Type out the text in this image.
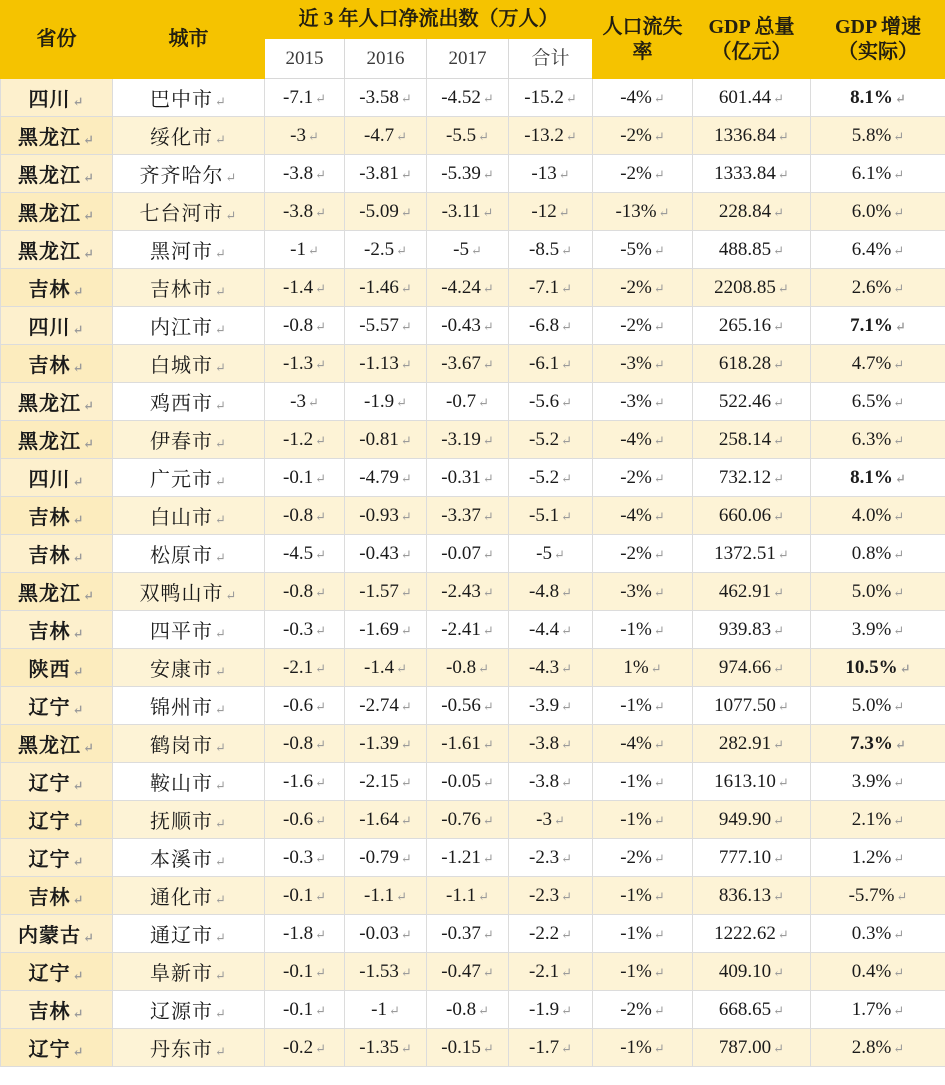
省份	城市	近 3 年人口净流出数（万人）				人口流失率	GDP 总量（亿元）	GDP 增速（实际）
		2015	2016	2017	合计			
四川 ↵	巴中市 ↵	-7.1 ↵	-3.58 ↵	-4.52 ↵	-15.2 ↵	-4% ↵	601.44 ↵	8.1% ↵
黑龙江 ↵	绥化市 ↵	-3 ↵	-4.7 ↵	-5.5 ↵	-13.2 ↵	-2% ↵	1336.84 ↵	5.8% ↵
黑龙江 ↵	齐齐哈尔 ↵	-3.8 ↵	-3.81 ↵	-5.39 ↵	-13 ↵	-2% ↵	1333.84 ↵	6.1% ↵
黑龙江 ↵	七台河市 ↵	-3.8 ↵	-5.09 ↵	-3.11 ↵	-12 ↵	-13% ↵	228.84 ↵	6.0% ↵
黑龙江 ↵	黑河市 ↵	-1 ↵	-2.5 ↵	-5 ↵	-8.5 ↵	-5% ↵	488.85 ↵	6.4% ↵
吉林 ↵	吉林市 ↵	-1.4 ↵	-1.46 ↵	-4.24 ↵	-7.1 ↵	-2% ↵	2208.85 ↵	2.6% ↵
四川 ↵	内江市 ↵	-0.8 ↵	-5.57 ↵	-0.43 ↵	-6.8 ↵	-2% ↵	265.16 ↵	7.1% ↵
吉林 ↵	白城市 ↵	-1.3 ↵	-1.13 ↵	-3.67 ↵	-6.1 ↵	-3% ↵	618.28 ↵	4.7% ↵
黑龙江 ↵	鸡西市 ↵	-3 ↵	-1.9 ↵	-0.7 ↵	-5.6 ↵	-3% ↵	522.46 ↵	6.5% ↵
黑龙江 ↵	伊春市 ↵	-1.2 ↵	-0.81 ↵	-3.19 ↵	-5.2 ↵	-4% ↵	258.14 ↵	6.3% ↵
四川 ↵	广元市 ↵	-0.1 ↵	-4.79 ↵	-0.31 ↵	-5.2 ↵	-2% ↵	732.12 ↵	8.1% ↵
吉林 ↵	白山市 ↵	-0.8 ↵	-0.93 ↵	-3.37 ↵	-5.1 ↵	-4% ↵	660.06 ↵	4.0% ↵
吉林 ↵	松原市 ↵	-4.5 ↵	-0.43 ↵	-0.07 ↵	-5 ↵	-2% ↵	1372.51 ↵	0.8% ↵
黑龙江 ↵	双鸭山市 ↵	-0.8 ↵	-1.57 ↵	-2.43 ↵	-4.8 ↵	-3% ↵	462.91 ↵	5.0% ↵
吉林 ↵	四平市 ↵	-0.3 ↵	-1.69 ↵	-2.41 ↵	-4.4 ↵	-1% ↵	939.83 ↵	3.9% ↵
陕西 ↵	安康市 ↵	-2.1 ↵	-1.4 ↵	-0.8 ↵	-4.3 ↵	1% ↵	974.66 ↵	10.5% ↵
辽宁 ↵	锦州市 ↵	-0.6 ↵	-2.74 ↵	-0.56 ↵	-3.9 ↵	-1% ↵	1077.50 ↵	5.0% ↵
黑龙江 ↵	鹤岗市 ↵	-0.8 ↵	-1.39 ↵	-1.61 ↵	-3.8 ↵	-4% ↵	282.91 ↵	7.3% ↵
辽宁 ↵	鞍山市 ↵	-1.6 ↵	-2.15 ↵	-0.05 ↵	-3.8 ↵	-1% ↵	1613.10 ↵	3.9% ↵
辽宁 ↵	抚顺市 ↵	-0.6 ↵	-1.64 ↵	-0.76 ↵	-3 ↵	-1% ↵	949.90 ↵	2.1% ↵
辽宁 ↵	本溪市 ↵	-0.3 ↵	-0.79 ↵	-1.21 ↵	-2.3 ↵	-2% ↵	777.10 ↵	1.2% ↵
吉林 ↵	通化市 ↵	-0.1 ↵	-1.1 ↵	-1.1 ↵	-2.3 ↵	-1% ↵	836.13 ↵	-5.7% ↵
内蒙古 ↵	通辽市 ↵	-1.8 ↵	-0.03 ↵	-0.37 ↵	-2.2 ↵	-1% ↵	1222.62 ↵	0.3% ↵
辽宁 ↵	阜新市 ↵	-0.1 ↵	-1.53 ↵	-0.47 ↵	-2.1 ↵	-1% ↵	409.10 ↵	0.4% ↵
吉林 ↵	辽源市 ↵	-0.1 ↵	-1 ↵	-0.8 ↵	-1.9 ↵	-2% ↵	668.65 ↵	1.7% ↵
辽宁 ↵	丹东市 ↵	-0.2 ↵	-1.35 ↵	-0.15 ↵	-1.7 ↵	-1% ↵	787.00 ↵	2.8% ↵
